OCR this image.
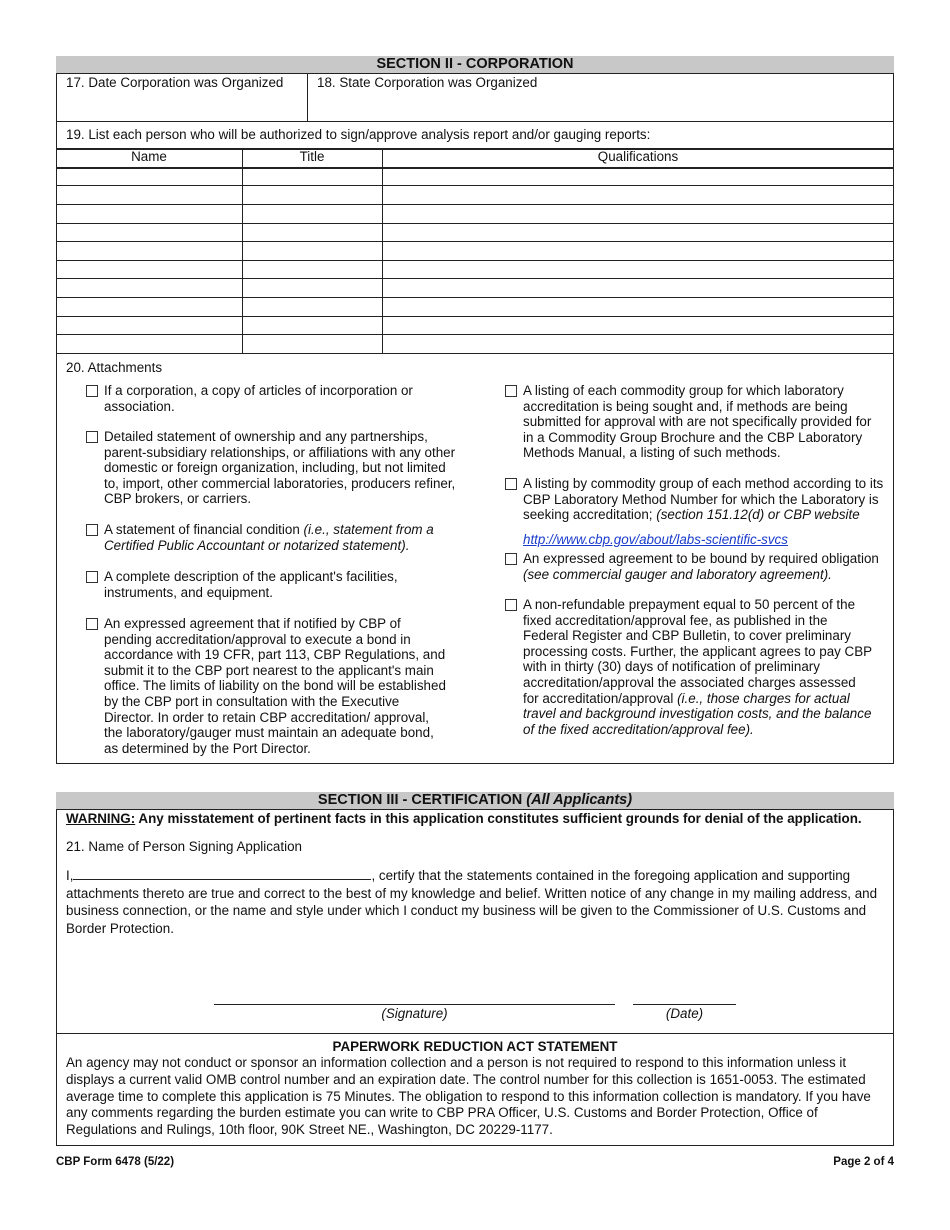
SECTION II - CORPORATION
17. Date Corporation was Organized	18. State Corporation was Organized
19. List each person who will be authorized to sign/approve analysis report and/or gauging reports:
Name	Title	Qualifications
20. Attachments
If a corporation, a copy of articles of incorporation or association.
Detailed statement of ownership and any partnerships, parent-subsidiary relationships, or affiliations with any other domestic or foreign organization, including, but not limited to, import, other commercial laboratories, producers refiner, CBP brokers, or carriers.
A statement of financial condition (i.e., statement from a Certified Public Accountant or notarized statement).
A complete description of the applicant's facilities, instruments, and equipment.
An expressed agreement that if notified by CBP of pending accreditation/approval to execute a bond in accordance with 19 CFR, part 113, CBP Regulations, and submit it to the CBP port nearest to the applicant's main office. The limits of liability on the bond will be established by the CBP port in consultation with the Executive Director. In order to retain CBP accreditation/ approval, the laboratory/gauger must maintain an adequate bond, as determined by the Port Director.
A listing of each commodity group for which laboratory accreditation is being sought and, if methods are being submitted for approval with are not specifically provided for in a Commodity Group Brochure and the CBP Laboratory Methods Manual, a listing of such methods.
A listing by commodity group of each method according to its CBP Laboratory Method Number for which the Laboratory is seeking accreditation; (section 151.12(d) or CBP website
http://www.cbp.gov/about/labs-scientific-svcs
An expressed agreement to be bound by required obligation (see commercial gauger and laboratory agreement).
A non-refundable prepayment equal to 50 percent of the fixed accreditation/approval fee, as published in the Federal Register and CBP Bulletin, to cover preliminary processing costs. Further, the applicant agrees to pay CBP with in thirty (30) days of notification of preliminary accreditation/approval the associated charges assessed for accreditation/approval (i.e., those charges for actual travel and background investigation costs, and the balance of the fixed accreditation/approval fee).
SECTION III - CERTIFICATION (All Applicants)
WARNING: Any misstatement of pertinent facts in this application constitutes sufficient grounds for denial of the application.
21. Name of Person Signing Application
I,	, certify that the statements contained in the foregoing application and supporting attachments thereto are true and correct to the best of my knowledge and belief. Written notice of any change in my mailing address, and business connection, or the name and style under which I conduct my business will be given to the Commissioner of U.S. Customs and Border Protection.
(Signature)	(Date)
PAPERWORK REDUCTION ACT STATEMENT
An agency may not conduct or sponsor an information collection and a person is not required to respond to this information unless it displays a current valid OMB control number and an expiration date. The control number for this collection is 1651-0053. The estimated average time to complete this application is 75 Minutes. The obligation to respond to this information collection is mandatory. If you have any comments regarding the burden estimate you can write to CBP PRA Officer, U.S. Customs and Border Protection, Office of Regulations and Rulings, 10th floor, 90K Street NE., Washington, DC 20229-1177.
CBP Form 6478 (5/22)	Page 2 of 4
